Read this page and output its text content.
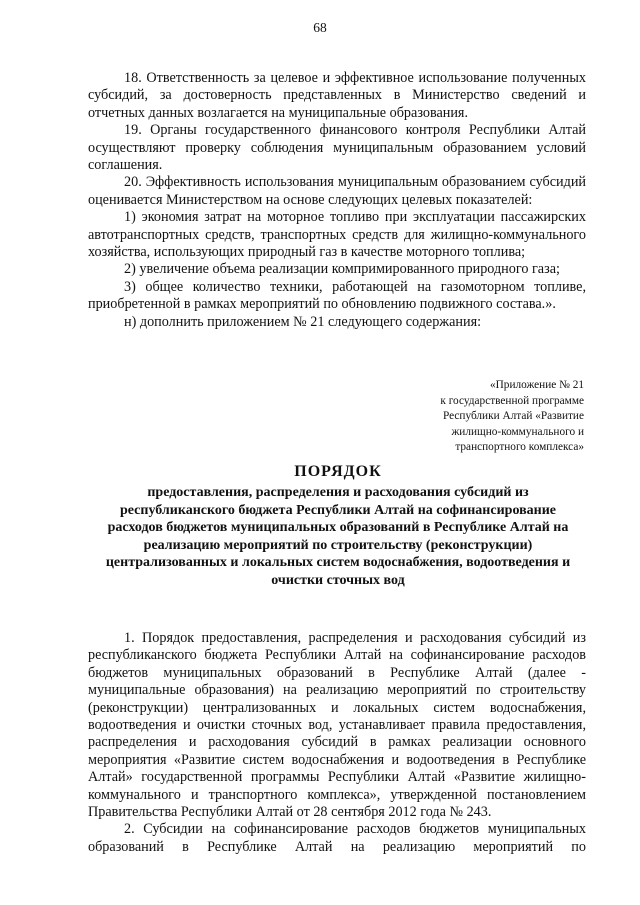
68

18. Ответственность за целевое и эффективное использование полученных субсидий, за достоверность представленных в Министерство сведений и отчетных данных возлагается на муниципальные образования.

19. Органы государственного финансового контроля Республики Алтай осуществляют проверку соблюдения муниципальным образованием условий соглашения.

20. Эффективность использования муниципальным образованием субсидий оценивается Министерством на основе следующих целевых показателей:

1) экономия затрат на моторное топливо при эксплуатации пассажирских автотранспортных средств, транспортных средств для жилищно-коммунального хозяйства, использующих природный газ в качестве моторного топлива;

2) увеличение объема реализации компримированного природного газа;

3) общее количество техники, работающей на газомоторном топливе, приобретенной в рамках мероприятий по обновлению подвижного состава.».

н) дополнить приложением № 21 следующего содержания:

«Приложение № 21
к государственной программе
Республики Алтай «Развитие
жилищно-коммунального и
транспортного комплекса»
ПОРЯДОК
предоставления, распределения и расходования субсидий из
республиканского бюджета Республики Алтай на софинансирование
расходов бюджетов муниципальных образований в Республике Алтай на
реализацию мероприятий по строительству (реконструкции)
централизованных и локальных систем водоснабжения, водоотведения и
очистки сточных вод

1. Порядок предоставления, распределения и расходования субсидий из республиканского бюджета Республики Алтай на софинансирование расходов бюджетов муниципальных образований в Республике Алтай (далее - муниципальные образования) на реализацию мероприятий по строительству (реконструкции) централизованных и локальных систем водоснабжения, водоотведения и очистки сточных вод, устанавливает правила предоставления, распределения и расходования субсидий в рамках реализации основного мероприятия «Развитие систем водоснабжения и водоотведения в Республике Алтай» государственной программы Республики Алтай «Развитие жилищно-коммунального и транспортного комплекса», утвержденной постановлением Правительства Республики Алтай от 28 сентября 2012 года № 243.

2. Субсидии на софинансирование расходов бюджетов муниципальных образований в Республике Алтай на реализацию мероприятий по
